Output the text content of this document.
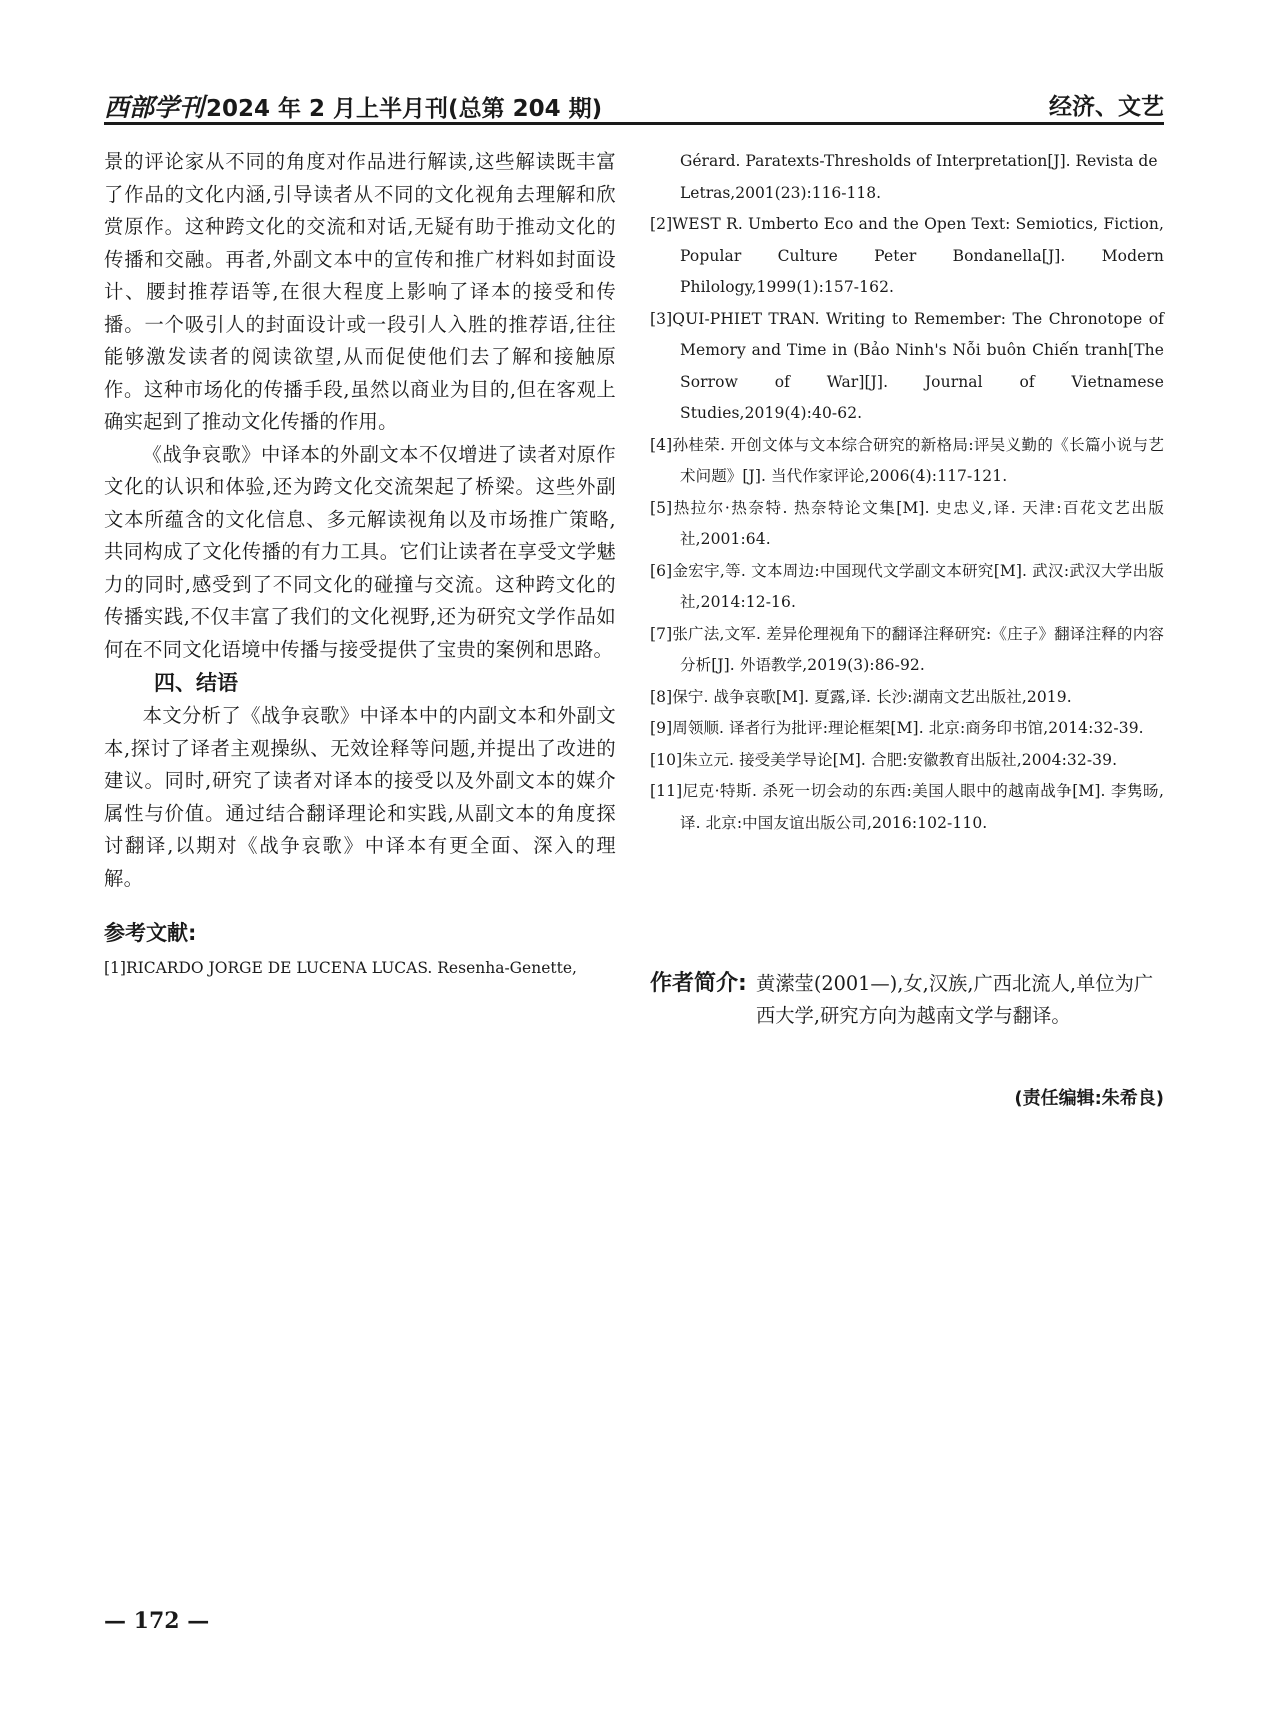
西部学刊2024 年 2 月上半月刊(总第 204 期)	经济、文艺

景的评论家从不同的角度对作品进行解读,这些解读既丰富了作品的文化内涵,引导读者从不同的文化视角去理解和欣赏原作。这种跨文化的交流和对话,无疑有助于推动文化的传播和交融。再者,外副文本中的宣传和推广材料如封面设计、腰封推荐语等,在很大程度上影响了译本的接受和传播。一个吸引人的封面设计或一段引人入胜的推荐语,往往能够激发读者的阅读欲望,从而促使他们去了解和接触原作。这种市场化的传播手段,虽然以商业为目的,但在客观上确实起到了推动文化传播的作用。

《战争哀歌》中译本的外副文本不仅增进了读者对原作文化的认识和体验,还为跨文化交流架起了桥梁。这些外副文本所蕴含的文化信息、多元解读视角以及市场推广策略,共同构成了文化传播的有力工具。它们让读者在享受文学魅力的同时,感受到了不同文化的碰撞与交流。这种跨文化的传播实践,不仅丰富了我们的文化视野,还为研究文学作品如何在不同文化语境中传播与接受提供了宝贵的案例和思路。

四、结语

本文分析了《战争哀歌》中译本中的内副文本和外副文本,探讨了译者主观操纵、无效诠释等问题,并提出了改进的建议。同时,研究了读者对译本的接受以及外副文本的媒介属性与价值。通过结合翻译理论和实践,从副文本的角度探讨翻译,以期对《战争哀歌》中译本有更全面、深入的理解。

参考文献:

[1]RICARDO JORGE DE LUCENA LUCAS. Resenha-Genette,

Gérard. Paratexts-Thresholds of Interpretation[J]. Revista de

Letras,2001(23):116-118.

[2]WEST R. Umberto Eco and the Open Text: Semiotics, Fiction, Popular Culture Peter Bondanella[J]. Modern Philology,1999(1):157-162.

[3]QUI-PHIET TRAN. Writing to Remember: The Chronotope of Memory and Time in (Bảo Ninh's Nỗi buôn Chiến tranh[The Sorrow of War][J]. Journal of Vietnamese Studies,2019(4):40-62.

[4]孙桂荣. 开创文体与文本综合研究的新格局:评吴义勤的《长篇小说与艺术问题》[J]. 当代作家评论,2006(4):117-121.

[5]热拉尔·热奈特. 热奈特论文集[M]. 史忠义,译. 天津:百花文艺出版社,2001:64.

[6]金宏宇,等. 文本周边:中国现代文学副文本研究[M]. 武汉:武汉大学出版社,2014:12-16.

[7]张广法,文军. 差异伦理视角下的翻译注释研究:《庄子》翻译注释的内容分析[J]. 外语教学,2019(3):86-92.

[8]保宁. 战争哀歌[M]. 夏露,译. 长沙:湖南文艺出版社,2019.

[9]周领顺. 译者行为批评:理论框架[M]. 北京:商务印书馆,2014:32-39.

[10]朱立元. 接受美学导论[M]. 合肥:安徽教育出版社,2004:32-39.

[11]尼克·特斯. 杀死一切会动的东西:美国人眼中的越南战争[M]. 李隽旸,译. 北京:中国友谊出版公司,2016:102-110.

作者简介: 黄潆莹(2001—),女,汉族,广西北流人,单位为广西大学,研究方向为越南文学与翻译。
(责任编辑:朱希良)
— 172 —
